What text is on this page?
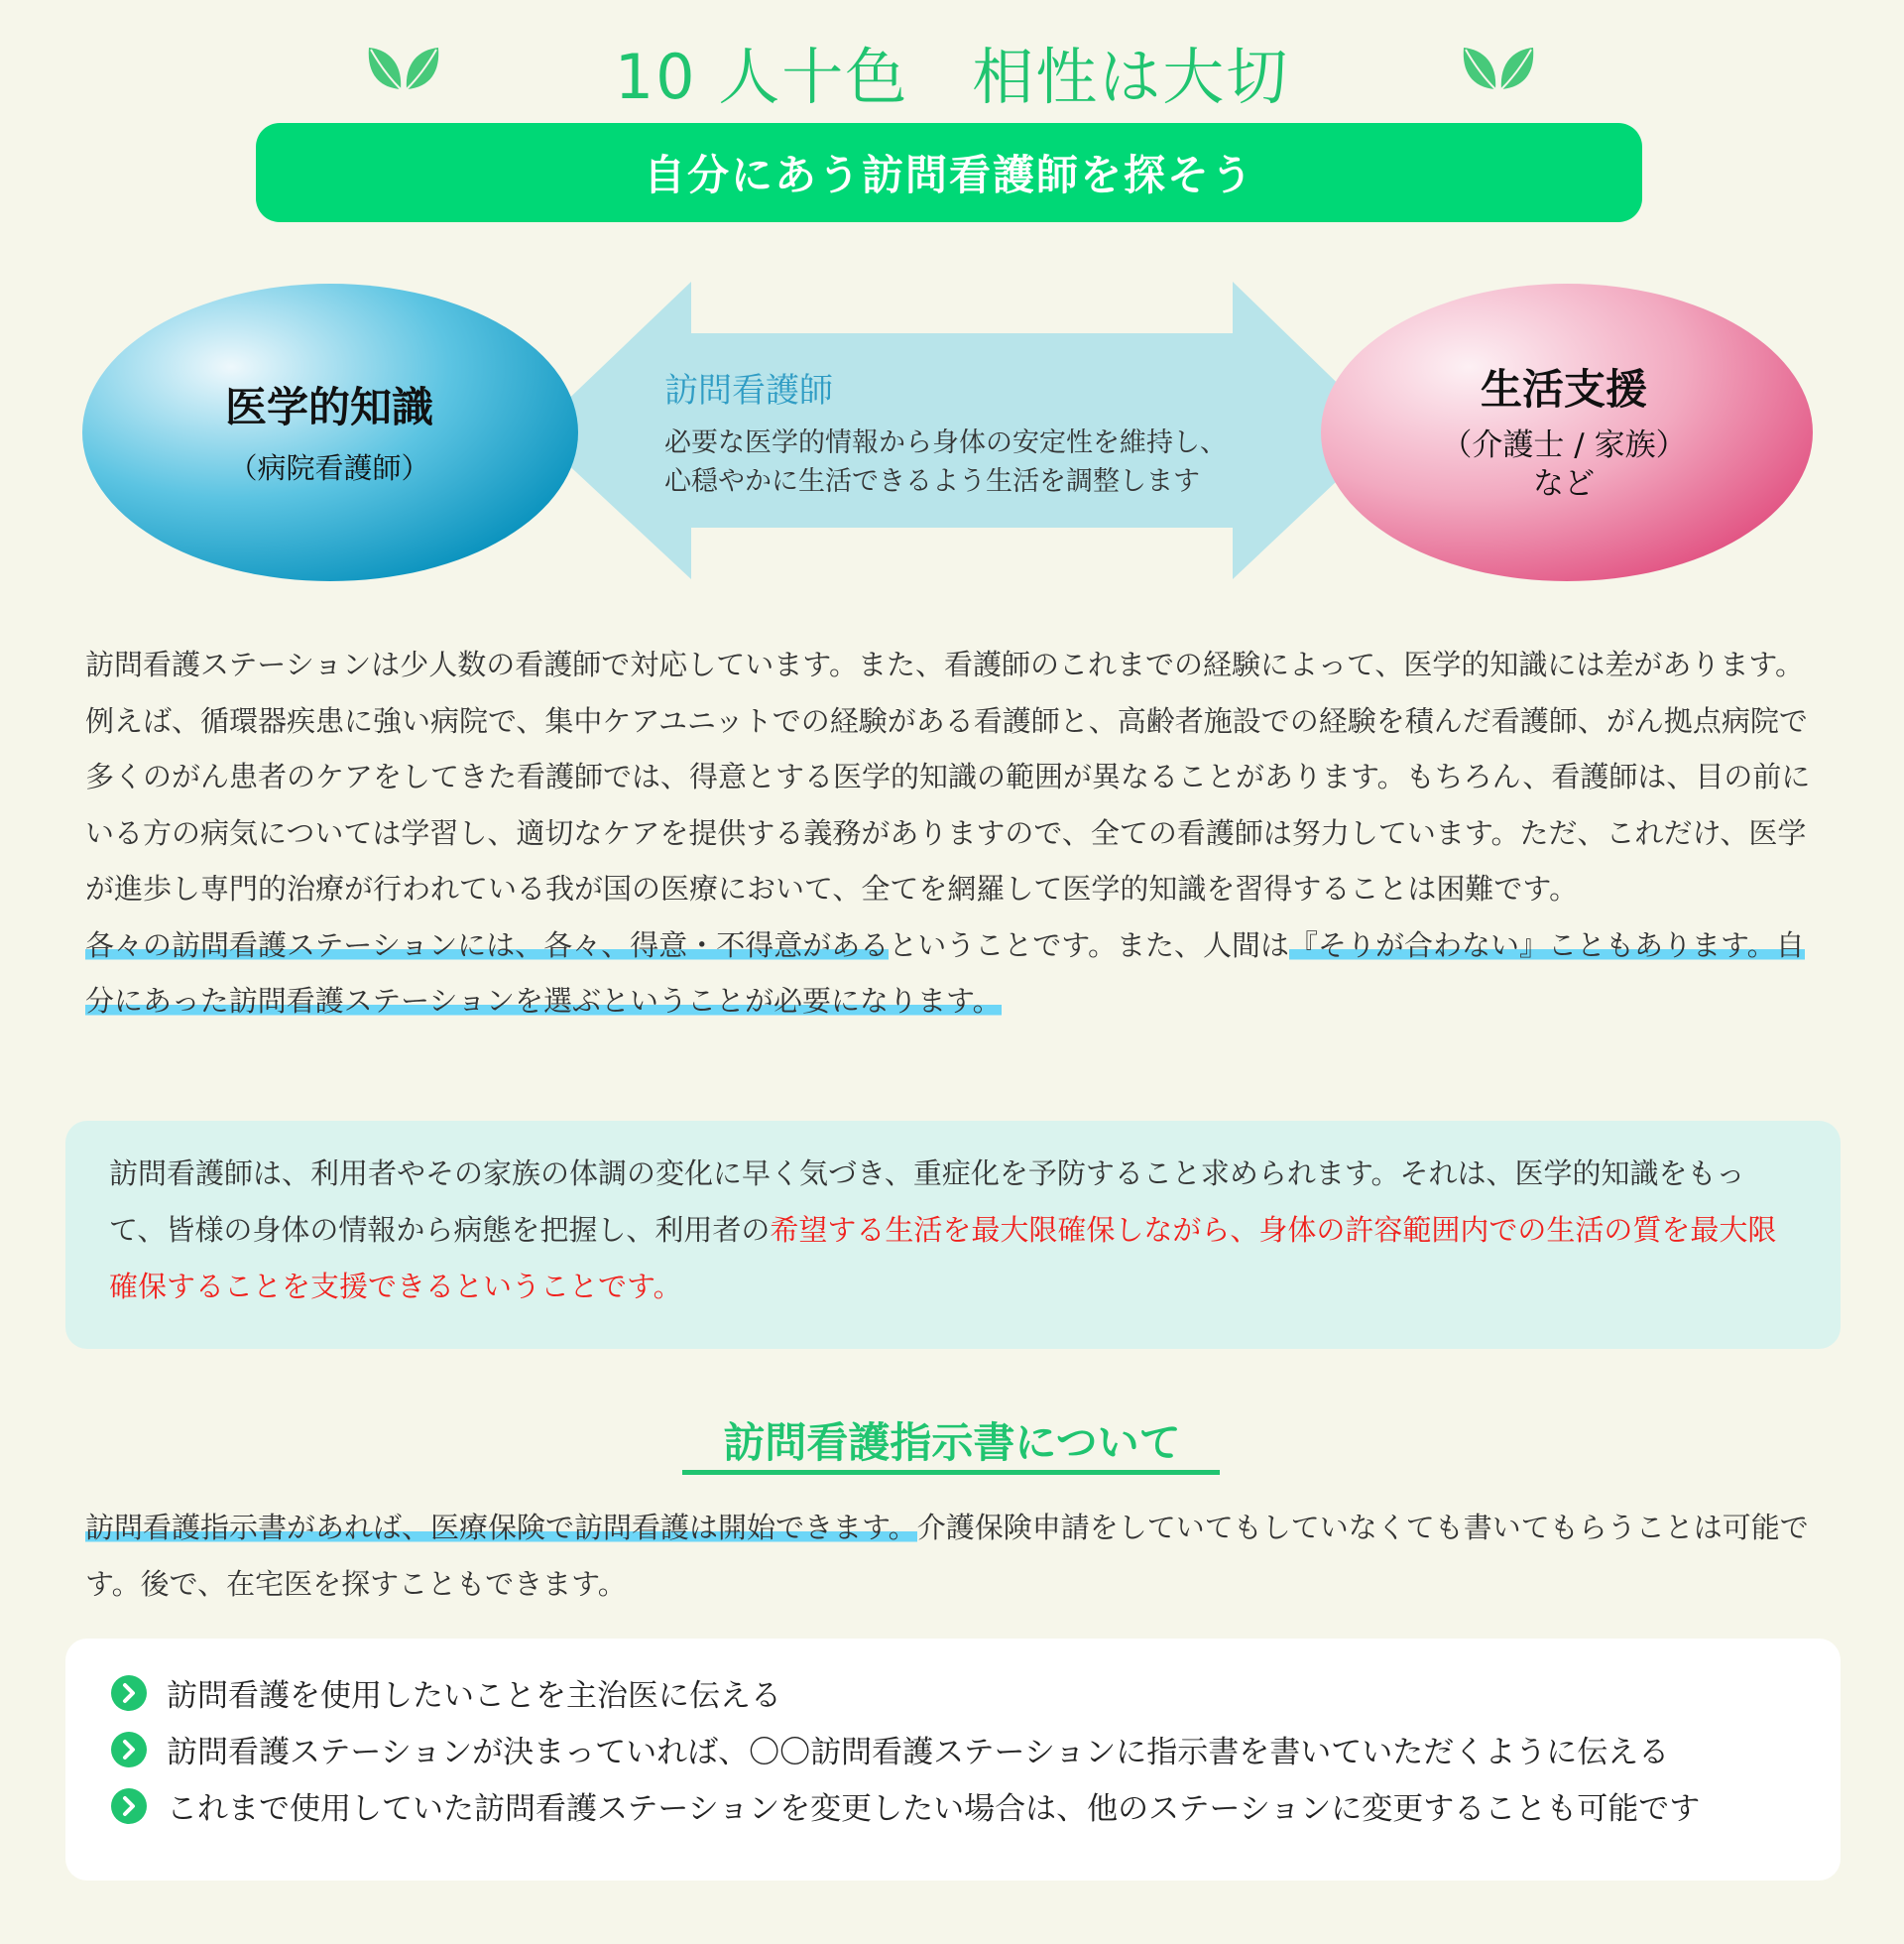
10 人十色　相性は大切
自分にあう訪問看護師を探そう
医学的知識
（病院看護師）
訪問看護師
必要な医学的情報から身体の安定性を維持し、
心穏やかに生活できるよう生活を調整します
生活支援
（介護士 / 家族）
など
訪問看護ステーションは少人数の看護師で対応しています。また、看護師のこれまでの経験によって、医学的知識には差があります。例えば、循環器疾患に強い病院で、集中ケアユニットでの経験がある看護師と、高齢者施設での経験を積んだ看護師、がん拠点病院で多くのがん患者のケアをしてきた看護師では、得意とする医学的知識の範囲が異なることがあります。もちろん、看護師は、目の前にいる方の病気については学習し、適切なケアを提供する義務がありますので、全ての看護師は努力しています。ただ、これだけ、医学が進歩し専門的治療が行われている我が国の医療において、全てを網羅して医学的知識を習得することは困難です。
各々の訪問看護ステーションには、各々、得意・不得意があるということです。また、人間は『そりが合わない』こともあります。自分にあった訪問看護ステーションを選ぶということが必要になります。
訪問看護師は、利用者やその家族の体調の変化に早く気づき、重症化を予防すること求められます。それは、医学的知識をもって、皆様の身体の情報から病態を把握し、利用者の希望する生活を最大限確保しながら、身体の許容範囲内での生活の質を最大限確保することを支援できるということです。
訪問看護指示書について
訪問看護指示書があれば、医療保険で訪問看護は開始できます。介護保険申請をしていてもしていなくても書いてもらうことは可能です。後で、在宅医を探すこともできます。
訪問看護を使用したいことを主治医に伝える
訪問看護ステーションが決まっていれば、〇〇訪問看護ステーションに指示書を書いていただくように伝える
これまで使用していた訪問看護ステーションを変更したい場合は、他のステーションに変更することも可能です
